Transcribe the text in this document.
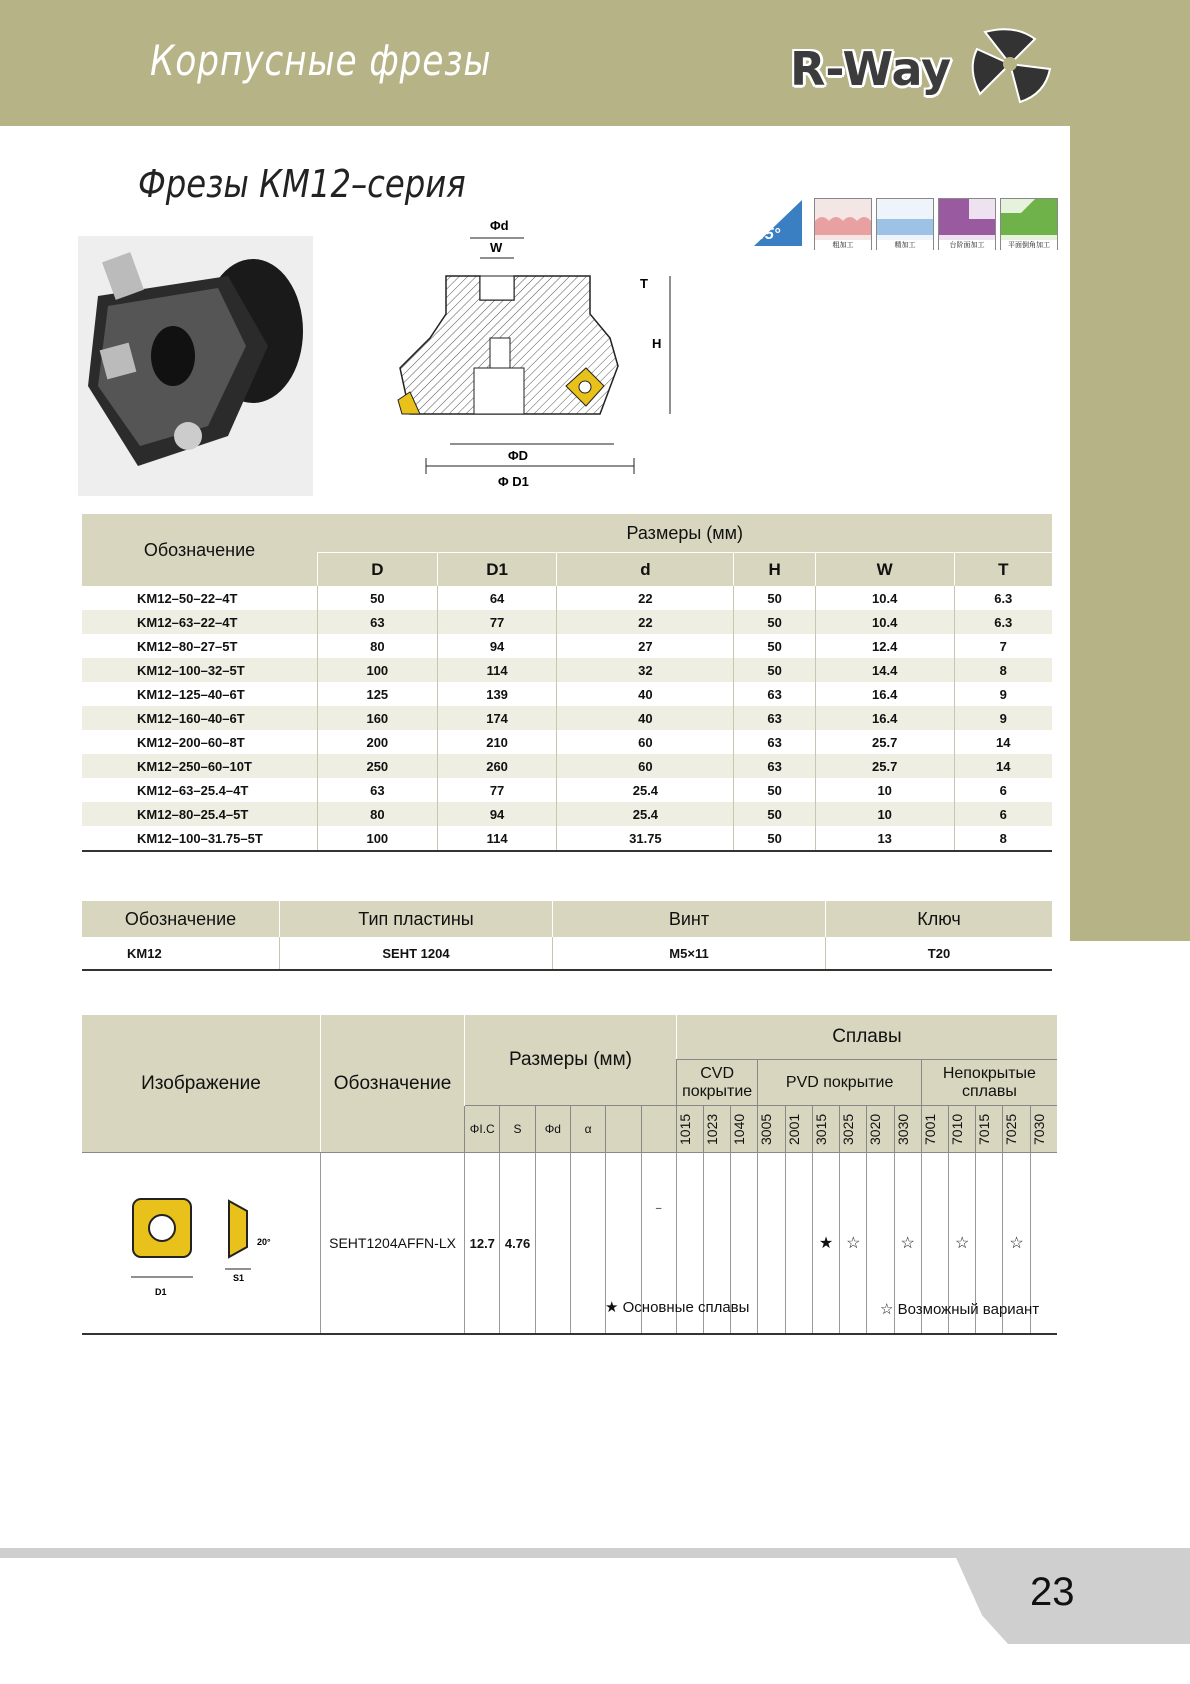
Корпусные фрезы	R-Way
Фрезы КМ12–серия
45°
粗加工	精加工	台阶面加工	平面倒角加工
Φd
W
T
H
ΦD
Φ D1
Обозначение	Размеры (мм)					
	D	D1	d	H	W	T
KM12–50–22–4T	50	64	22	50	10.4	6.3
KM12–63–22–4T	63	77	22	50	10.4	6.3
KM12–80–27–5T	80	94	27	50	12.4	7
KM12–100–32–5T	100	114	32	50	14.4	8
KM12–125–40–6T	125	139	40	63	16.4	9
KM12–160–40–6T	160	174	40	63	16.4	9
KM12–200–60–8T	200	210	60	63	25.7	14
KM12–250–60–10T	250	260	60	63	25.7	14
KM12–63–25.4–4T	63	77	25.4	50	10	6
KM12–80–25.4–5T	80	94	25.4	50	10	6
KM12–100–31.75–5T	100	114	31.75	50	13	8
Обозначение	Тип пластины	Винт	Ключ
KM12	SEHT 1204	M5×11	T20
Изображение	Обозначение	Размеры (мм)						Сплавы													
								CVD покрытие			PVD покрытие						Непокрытые сплавы				

		ΦI.C	S	Φd	α			1015	1023	1040	3005	2001	3015	3025	3020	3030	7001	7010	7015	7025	7030

D1
S1
20°	SEHT1204AFFN-LX	12.7	4.76				–						★	☆		☆		☆		☆	
★ Основные сплавы	☆ Возможный вариант
23
